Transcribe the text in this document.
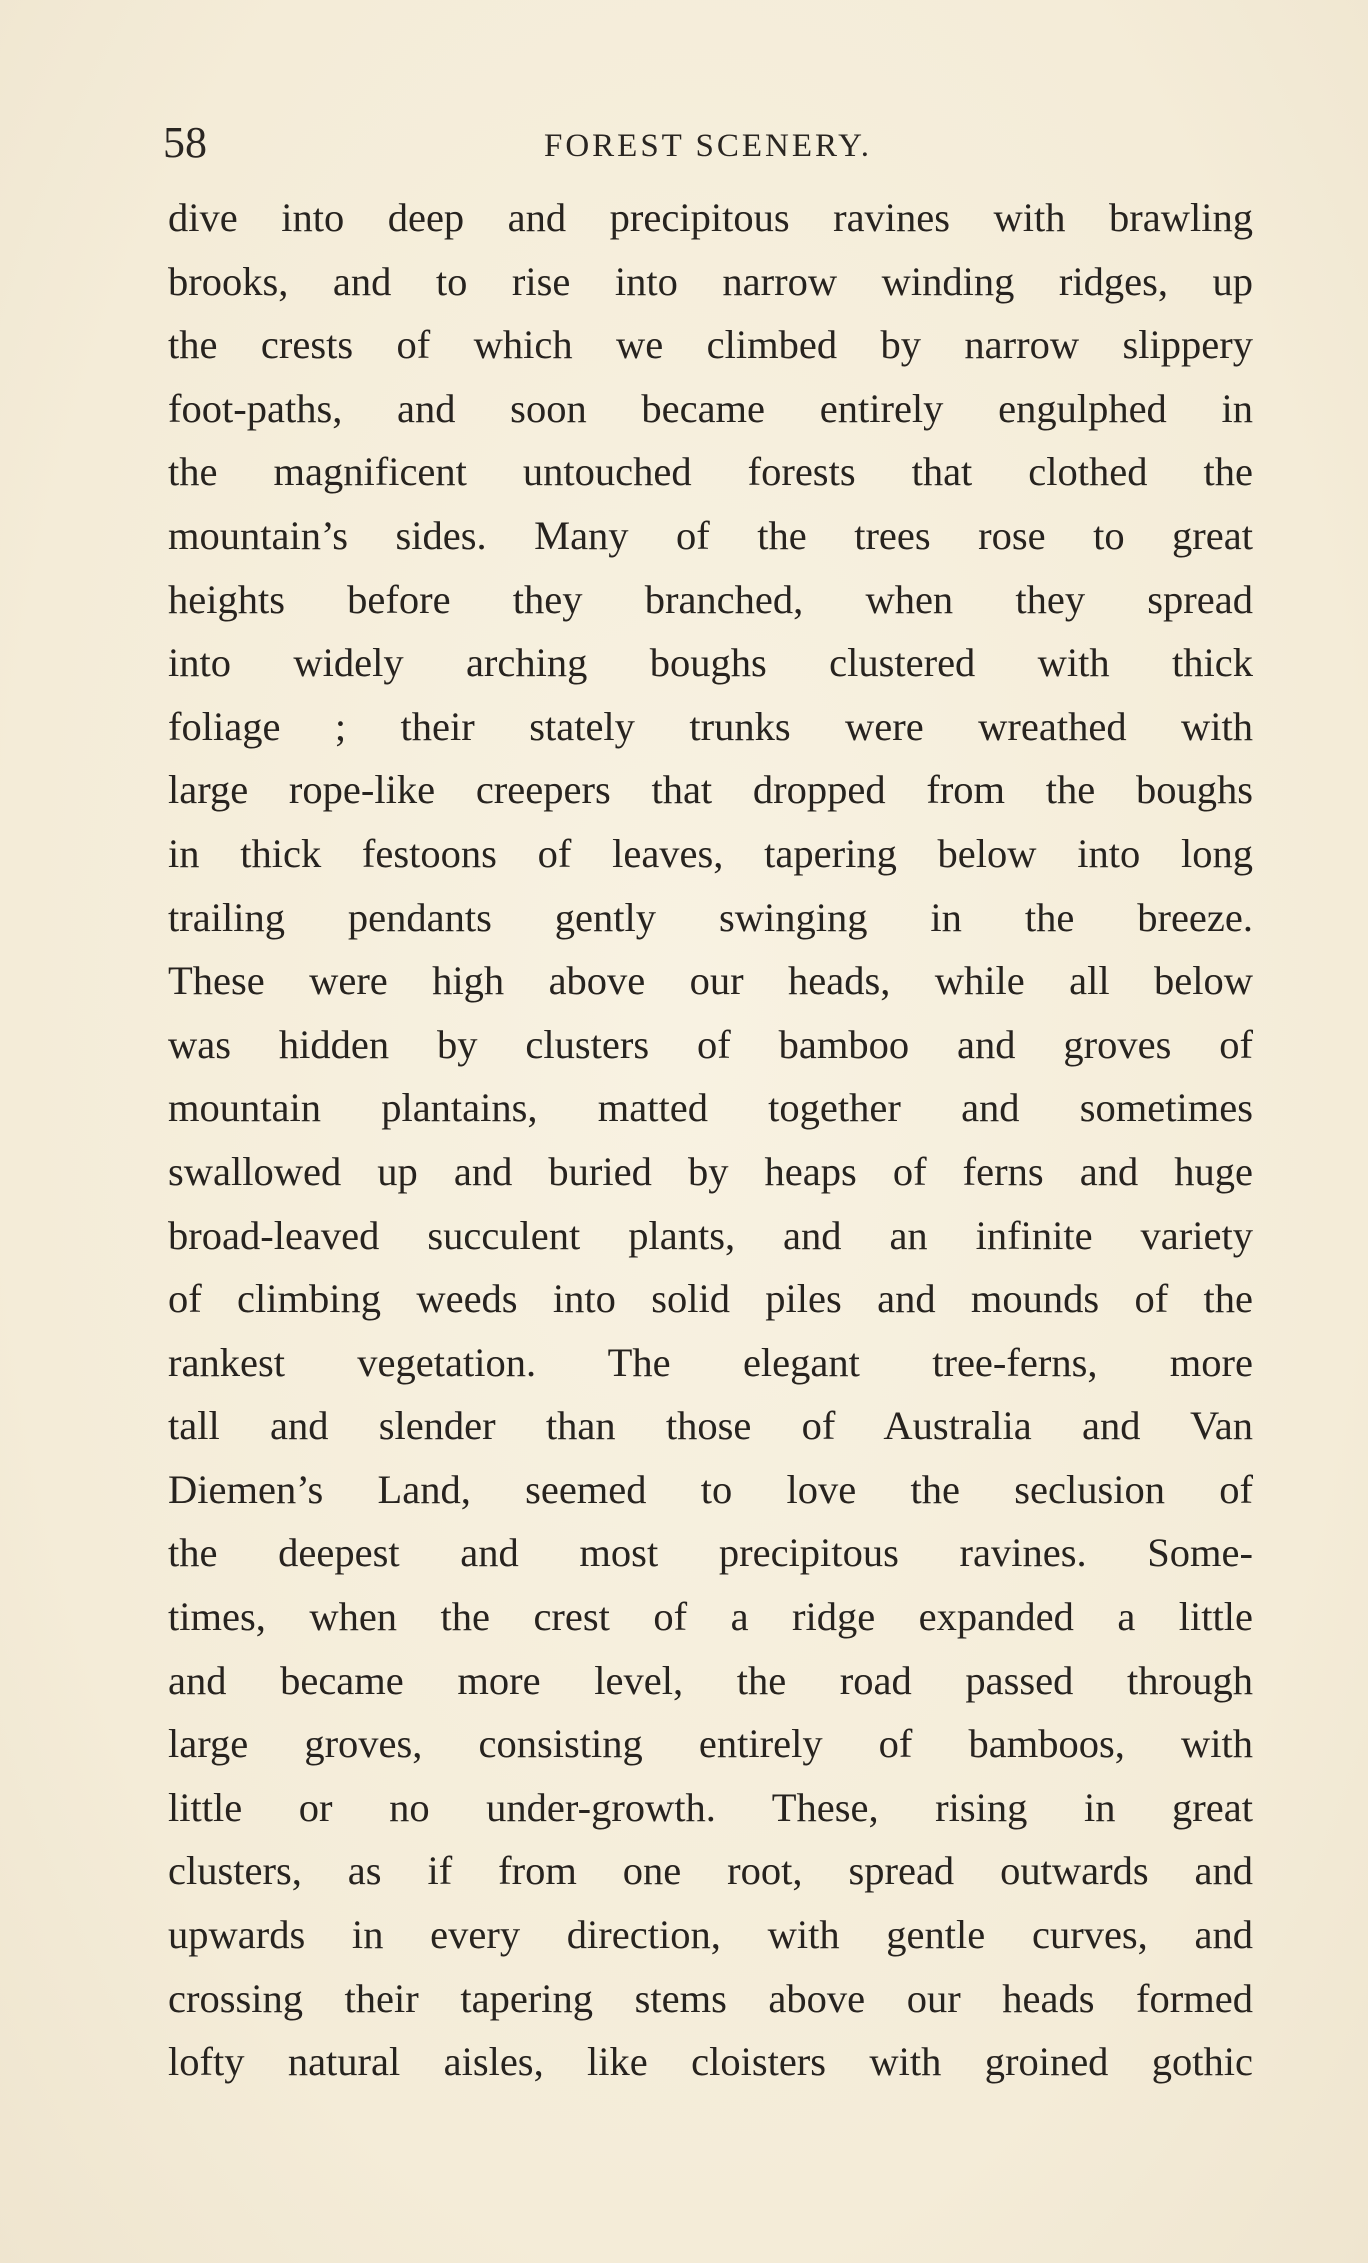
58	FOREST SCENERY.
dive into deep and precipitous ravines with brawling
brooks, and to rise into narrow winding ridges, up
the crests of which we climbed by narrow slippery
foot-paths, and soon became entirely engulphed in
the magnificent untouched forests that clothed the
mountain’s sides. Many of the trees rose to great
heights before they branched, when they spread
into widely arching boughs clustered with thick
foliage ; their stately trunks were wreathed with
large rope-like creepers that dropped from the boughs
in thick festoons of leaves, tapering below into long
trailing pendants gently swinging in the breeze.
These were high above our heads, while all below
was hidden by clusters of bamboo and groves of
mountain plantains, matted together and sometimes
swallowed up and buried by heaps of ferns and huge
broad-leaved succulent plants, and an infinite variety
of climbing weeds into solid piles and mounds of the
rankest vegetation. The elegant tree-ferns, more
tall and slender than those of Australia and Van
Diemen’s Land, seemed to love the seclusion of
the deepest and most precipitous ravines. Some-
times, when the crest of a ridge expanded a little
and became more level, the road passed through
large groves, consisting entirely of bamboos, with
little or no under-growth. These, rising in great
clusters, as if from one root, spread outwards and
upwards in every direction, with gentle curves, and
crossing their tapering stems above our heads formed
lofty natural aisles, like cloisters with groined gothic
